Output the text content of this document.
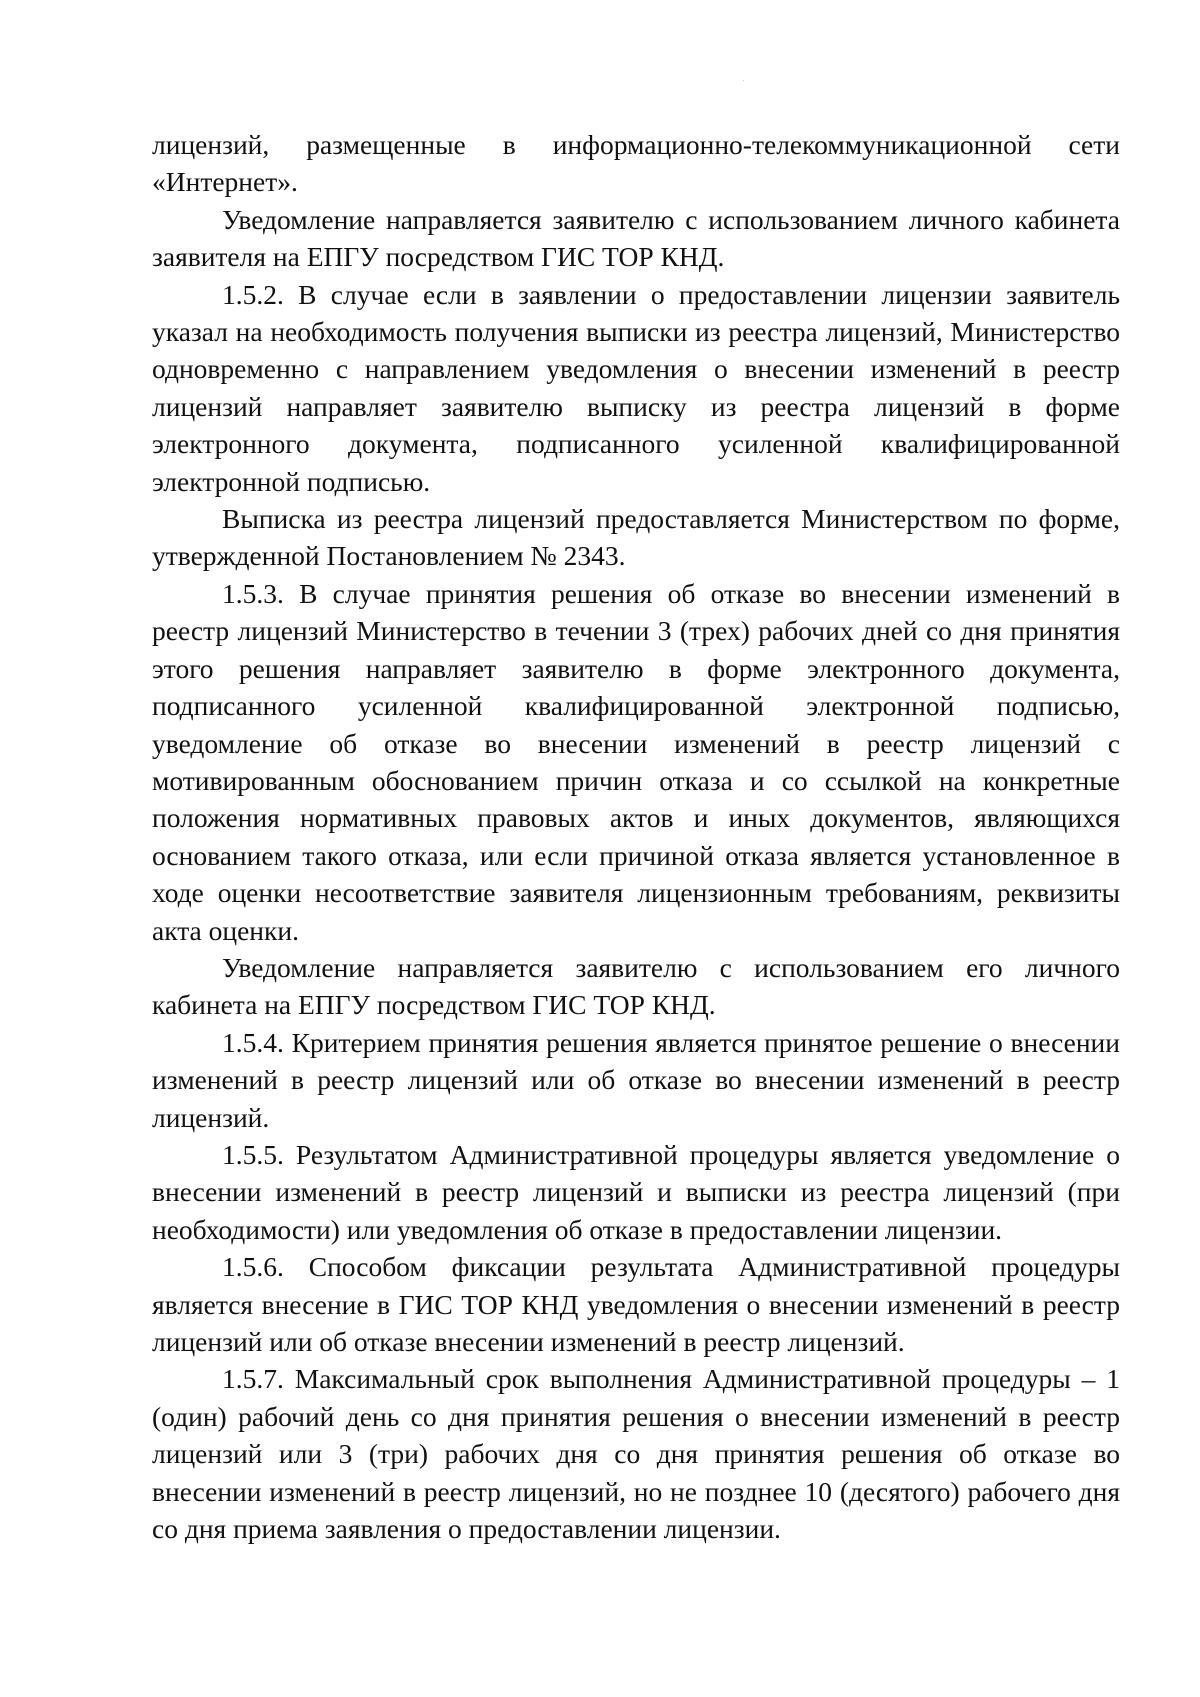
лицензий, размещенные в информационно-телекоммуникационной сети «Интернет».

Уведомление направляется заявителю с использованием личного кабинета заявителя на ЕПГУ посредством ГИС ТОР КНД.

1.5.2. В случае если в заявлении о предоставлении лицензии заявитель указал на необходимость получения выписки из реестра лицензий, Министерство одновременно с направлением уведомления о внесении изменений в реестр лицензий направляет заявителю выписку из реестра лицензий в форме электронного документа, подписанного усиленной квалифицированной электронной подписью.

Выписка из реестра лицензий предоставляется Министерством по форме, утвержденной Постановлением № 2343.

1.5.3. В случае принятия решения об отказе во внесении изменений в реестр лицензий Министерство в течении 3 (трех) рабочих дней со дня принятия этого решения направляет заявителю в форме электронного документа, подписанного усиленной квалифицированной электронной подписью, уведомление об отказе во внесении изменений в реестр лицензий с мотивированным обоснованием причин отказа и со ссылкой на конкретные положения нормативных правовых актов и иных документов, являющихся основанием такого отказа, или если причиной отказа является установленное в ходе оценки несоответствие заявителя лицензионным требованиям, реквизиты акта оценки.

Уведомление направляется заявителю с использованием его личного кабинета на ЕПГУ посредством ГИС ТОР КНД.

1.5.4. Критерием принятия решения является принятое решение о внесении изменений в реестр лицензий или об отказе во внесении изменений в реестр лицензий.

1.5.5. Результатом Административной процедуры является уведомление о внесении изменений в реестр лицензий и выписки из реестра лицензий (при необходимости) или уведомления об отказе в предоставлении лицензии.

1.5.6. Способом фиксации результата Административной процедуры является внесение в ГИС ТОР КНД уведомления о внесении изменений в реестр лицензий или об отказе внесении изменений в реестр лицензий.

1.5.7. Максимальный срок выполнения Административной процедуры – 1 (один) рабочий день со дня принятия решения о внесении изменений в реестр лицензий или 3 (три) рабочих дня со дня принятия решения об отказе во внесении изменений в реестр лицензий, но не позднее 10 (десятого) рабочего дня со дня приема заявления о предоставлении лицензии.
